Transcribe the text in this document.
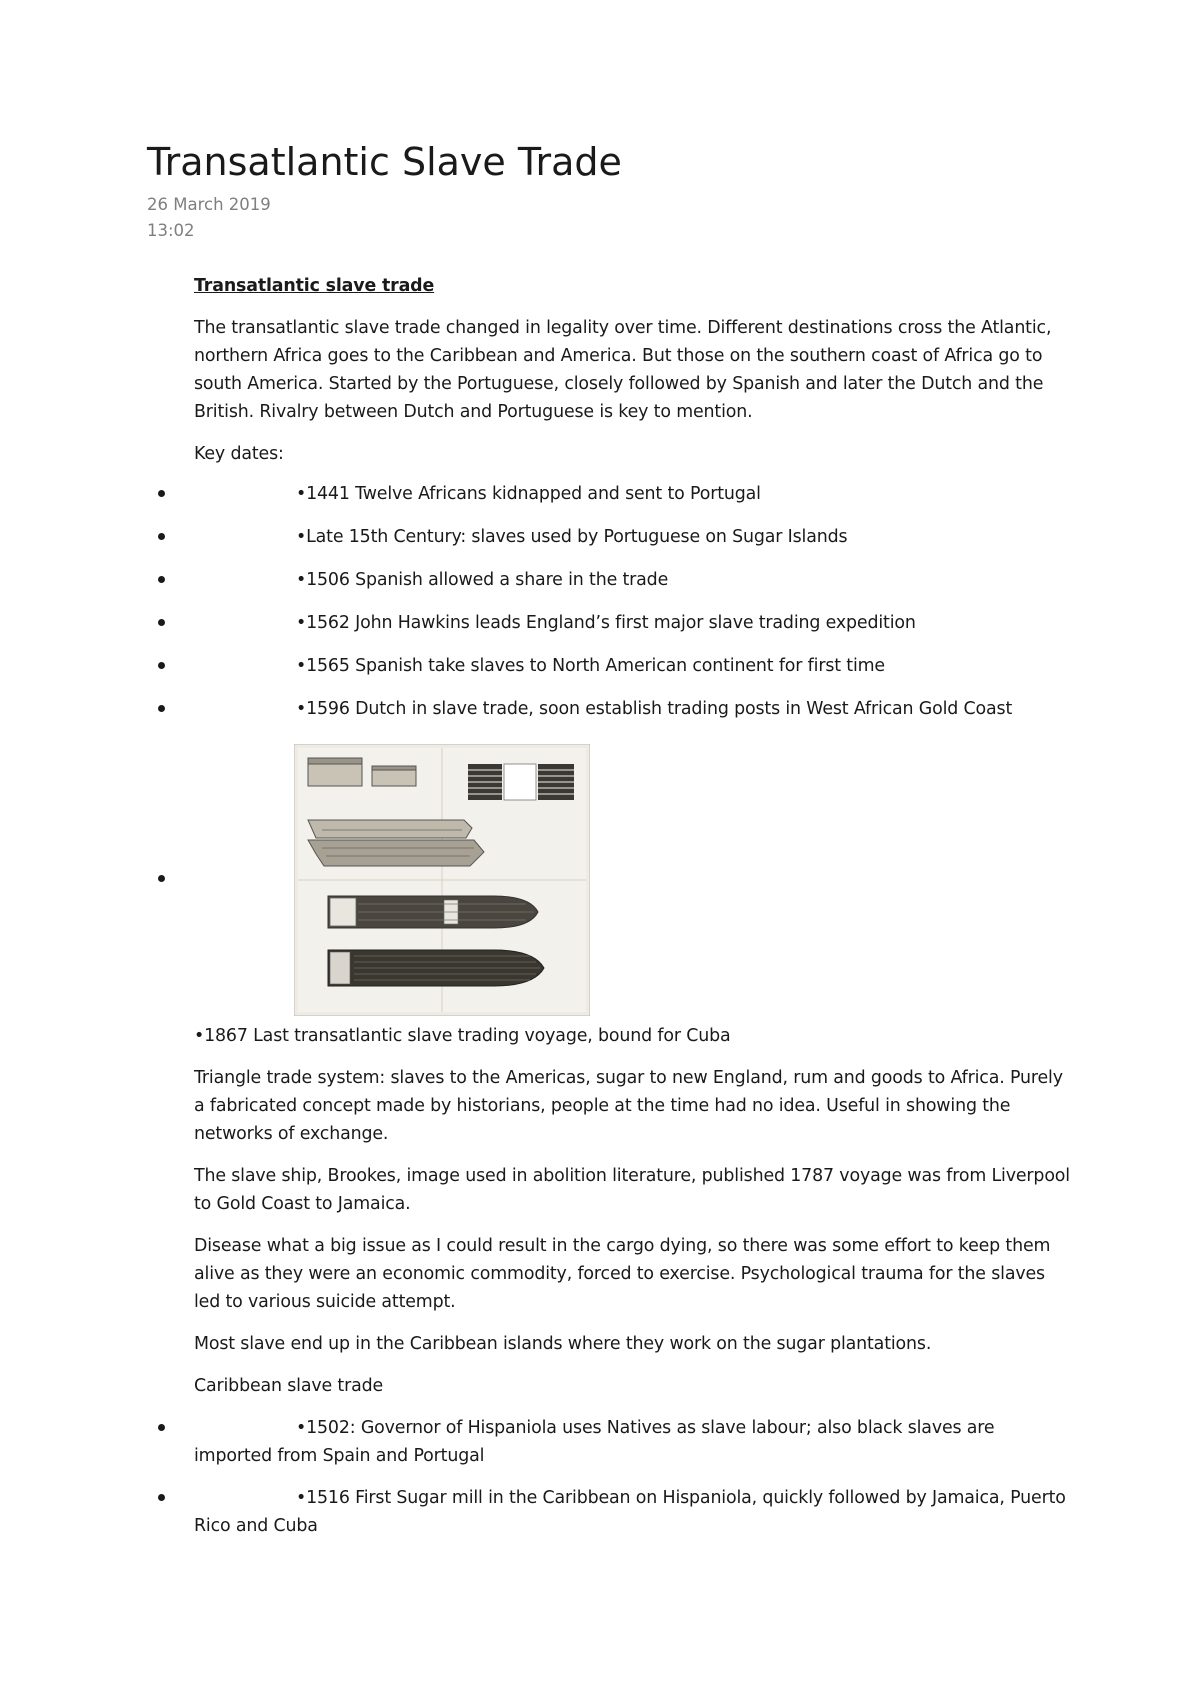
Transatlantic Slave Trade
26 March 2019
13:02

Transatlantic slave trade

The transatlantic slave trade changed in legality over time. Different destinations cross the Atlantic, northern Africa goes to the Caribbean and America. But those on the southern coast of Africa go to south America. Started by the Portuguese, closely followed by Spanish and later the Dutch and the British. Rivalry between Dutch and Portuguese is key to mention.

Key dates:

•1441 Twelve Africans kidnapped and sent to Portugal
•Late 15th Century: slaves used by Portuguese on Sugar Islands
•1506 Spanish allowed a share in the trade
•1562 John Hawkins leads England’s first major slave trading expedition
•1565 Spanish take slaves to North American continent for first time
•1596 Dutch in slave trade, soon establish trading posts in West African Gold Coast

•1867 Last transatlantic slave trading voyage, bound for Cuba

Triangle trade system: slaves to the Americas, sugar to new England, rum and goods to Africa. Purely a fabricated concept made by historians, people at the time had no idea. Useful in showing the networks of exchange.

The slave ship, Brookes, image used in abolition literature, published 1787 voyage was from Liverpool to Gold Coast to Jamaica.

Disease what a big issue as I could result in the cargo dying, so there was some effort to keep them alive as they were an economic commodity, forced to exercise. Psychological trauma for the slaves led to various suicide attempt.

Most slave end up in the Caribbean islands where they work on the sugar plantations.

Caribbean slave trade

•1502: Governor of Hispaniola uses Natives as slave labour; also black slaves are imported from Spain and Portugal
•1516 First Sugar mill in the Caribbean on Hispaniola, quickly followed by Jamaica, Puerto Rico and Cuba
